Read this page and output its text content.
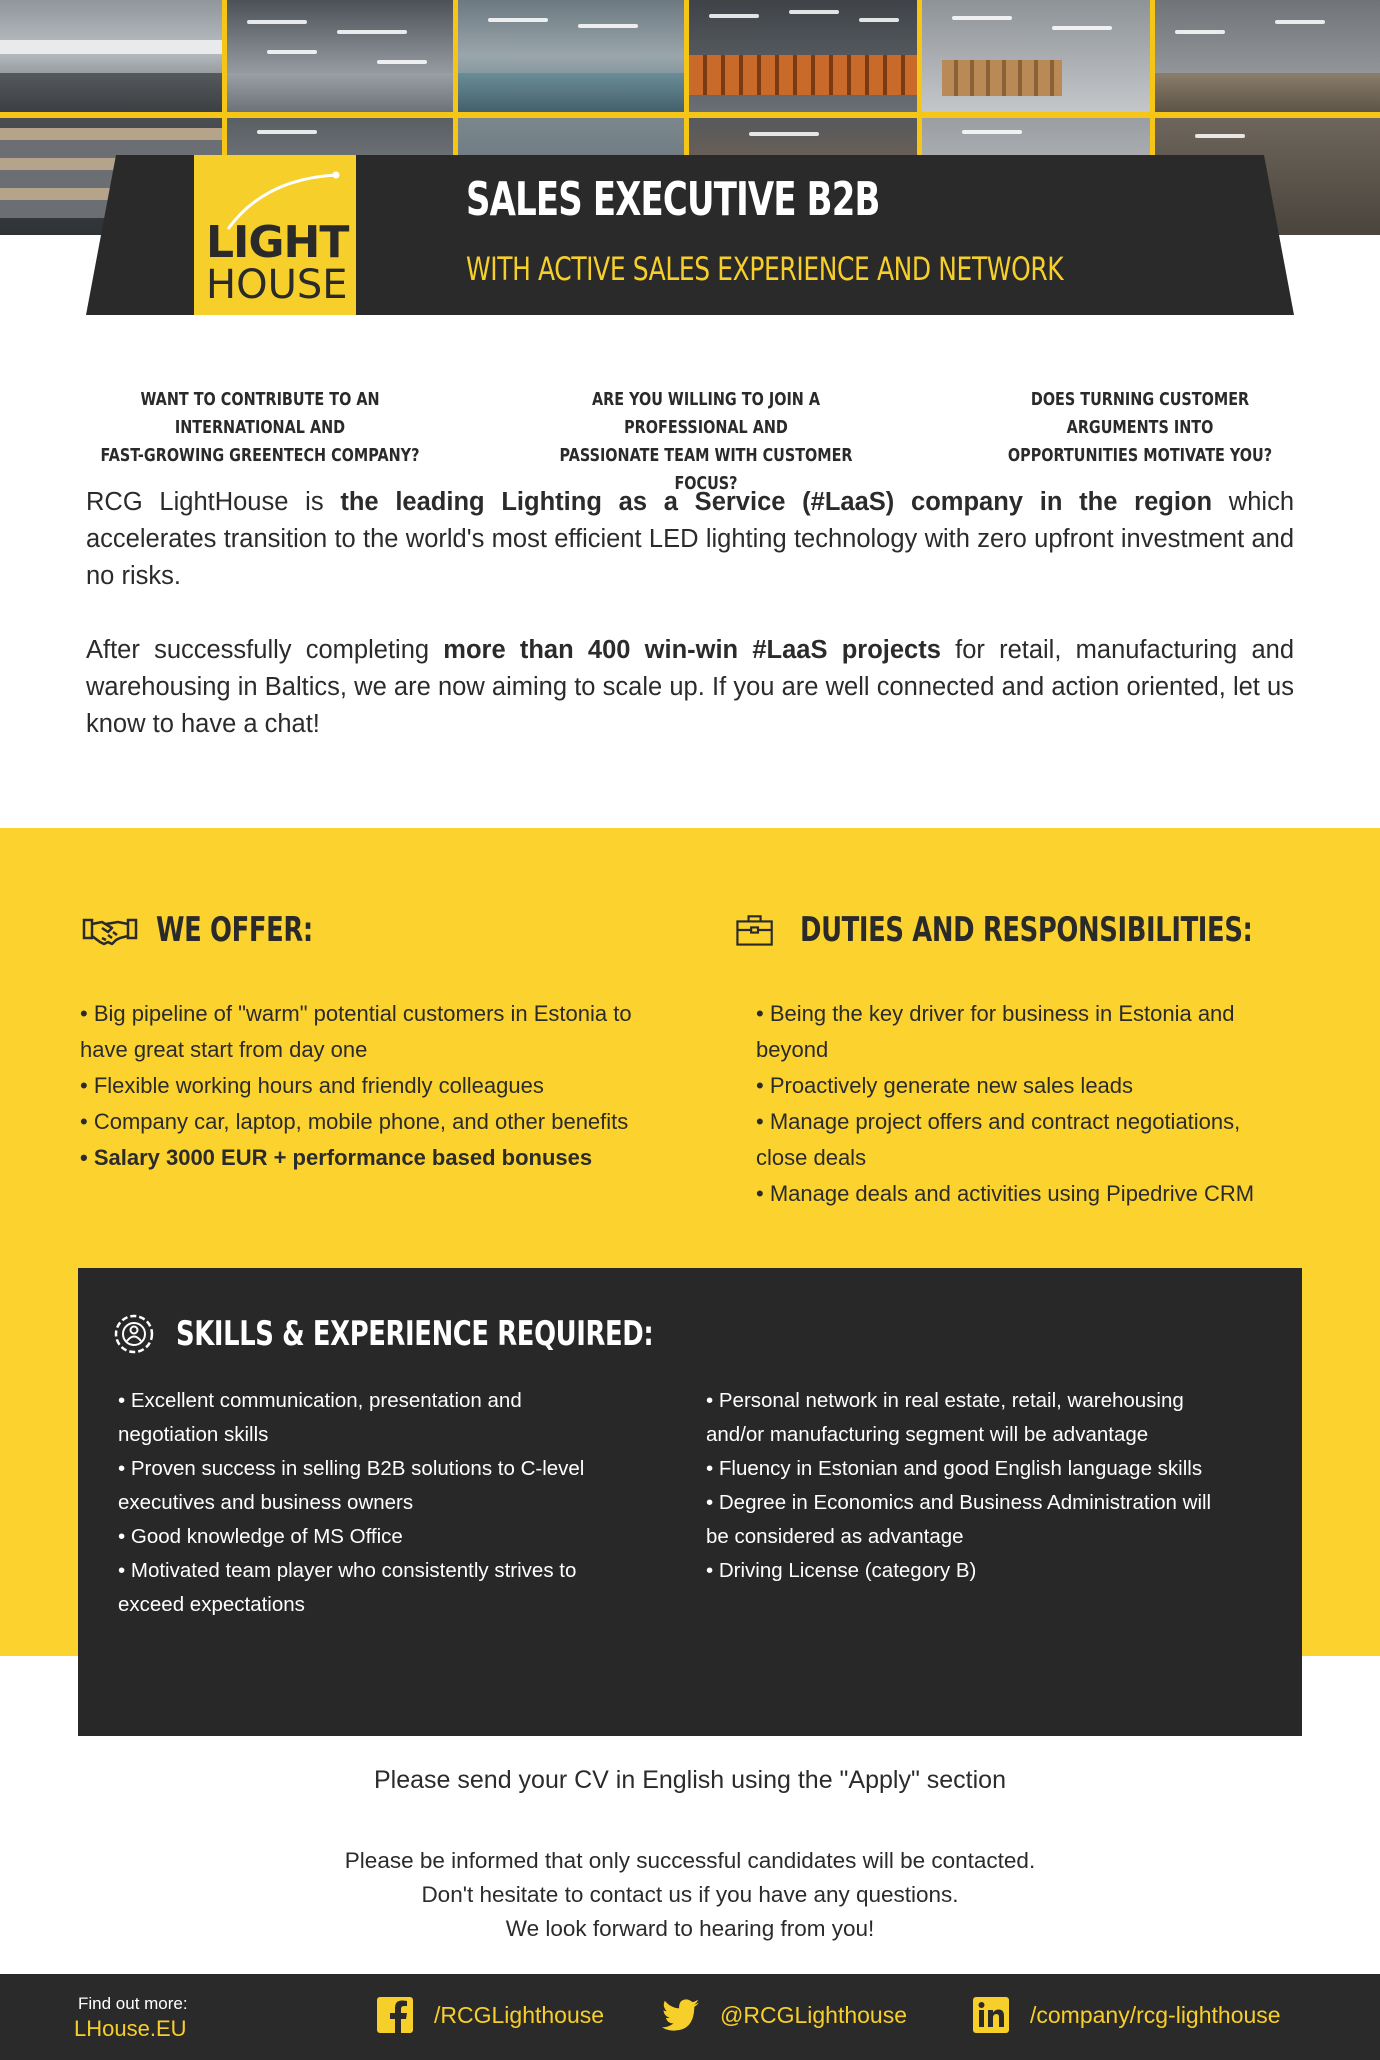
LIGHT
HOUSE
SALES EXECUTIVE B2B
WITH ACTIVE SALES EXPERIENCE AND NETWORK

WANT TO CONTRIBUTE TO AN INTERNATIONAL AND
FAST-GROWING GREENTECH COMPANY?

ARE YOU WILLING TO JOIN A PROFESSIONAL AND
PASSIONATE TEAM WITH CUSTOMER FOCUS?

DOES TURNING CUSTOMER ARGUMENTS INTO
OPPORTUNITIES MOTIVATE YOU?

RCG LightHouse is the leading Lighting as a Service (#LaaS) company in the region which accelerates transition to the world's most efficient LED lighting technology with zero upfront investment and no risks.

After successfully completing more than 400 win-win #LaaS projects for retail, manufacturing and warehousing in Baltics, we are now aiming to scale up. If you are well connected and action oriented, let us know to have a chat!

WE OFFER:
• Big pipeline of "warm" potential customers in Estonia to have great start from day one
• Flexible working hours and friendly colleagues
• Company car, laptop, mobile phone, and other benefits
• Salary 3000 EUR + performance based bonuses
DUTIES AND RESPONSIBILITIES:
• Being the key driver for business in Estonia and beyond
• Proactively generate new sales leads
• Manage project offers and contract negotiations, close deals
• Manage deals and activities using Pipedrive CRM
SKILLS & EXPERIENCE REQUIRED:
• Excellent communication, presentation and negotiation skills
• Proven success in selling B2B solutions to C-level executives and business owners
• Good knowledge of MS Office
• Motivated team player who consistently strives to exceed expectations
• Personal network in real estate, retail, warehousing and/or manufacturing segment will be advantage
• Fluency in Estonian and good English language skills
• Degree in Economics and Business Administration will be considered as advantage
• Driving License (category B)
Please send your CV in English using the "Apply" section
Please be informed that only successful candidates will be contacted.
Don't hesitate to contact us if you have any questions.
We look forward to hearing from you!
Find out more:
LHouse.EU
/RCGLighthouse	@RCGLighthouse	/company/rcg-lighthouse
